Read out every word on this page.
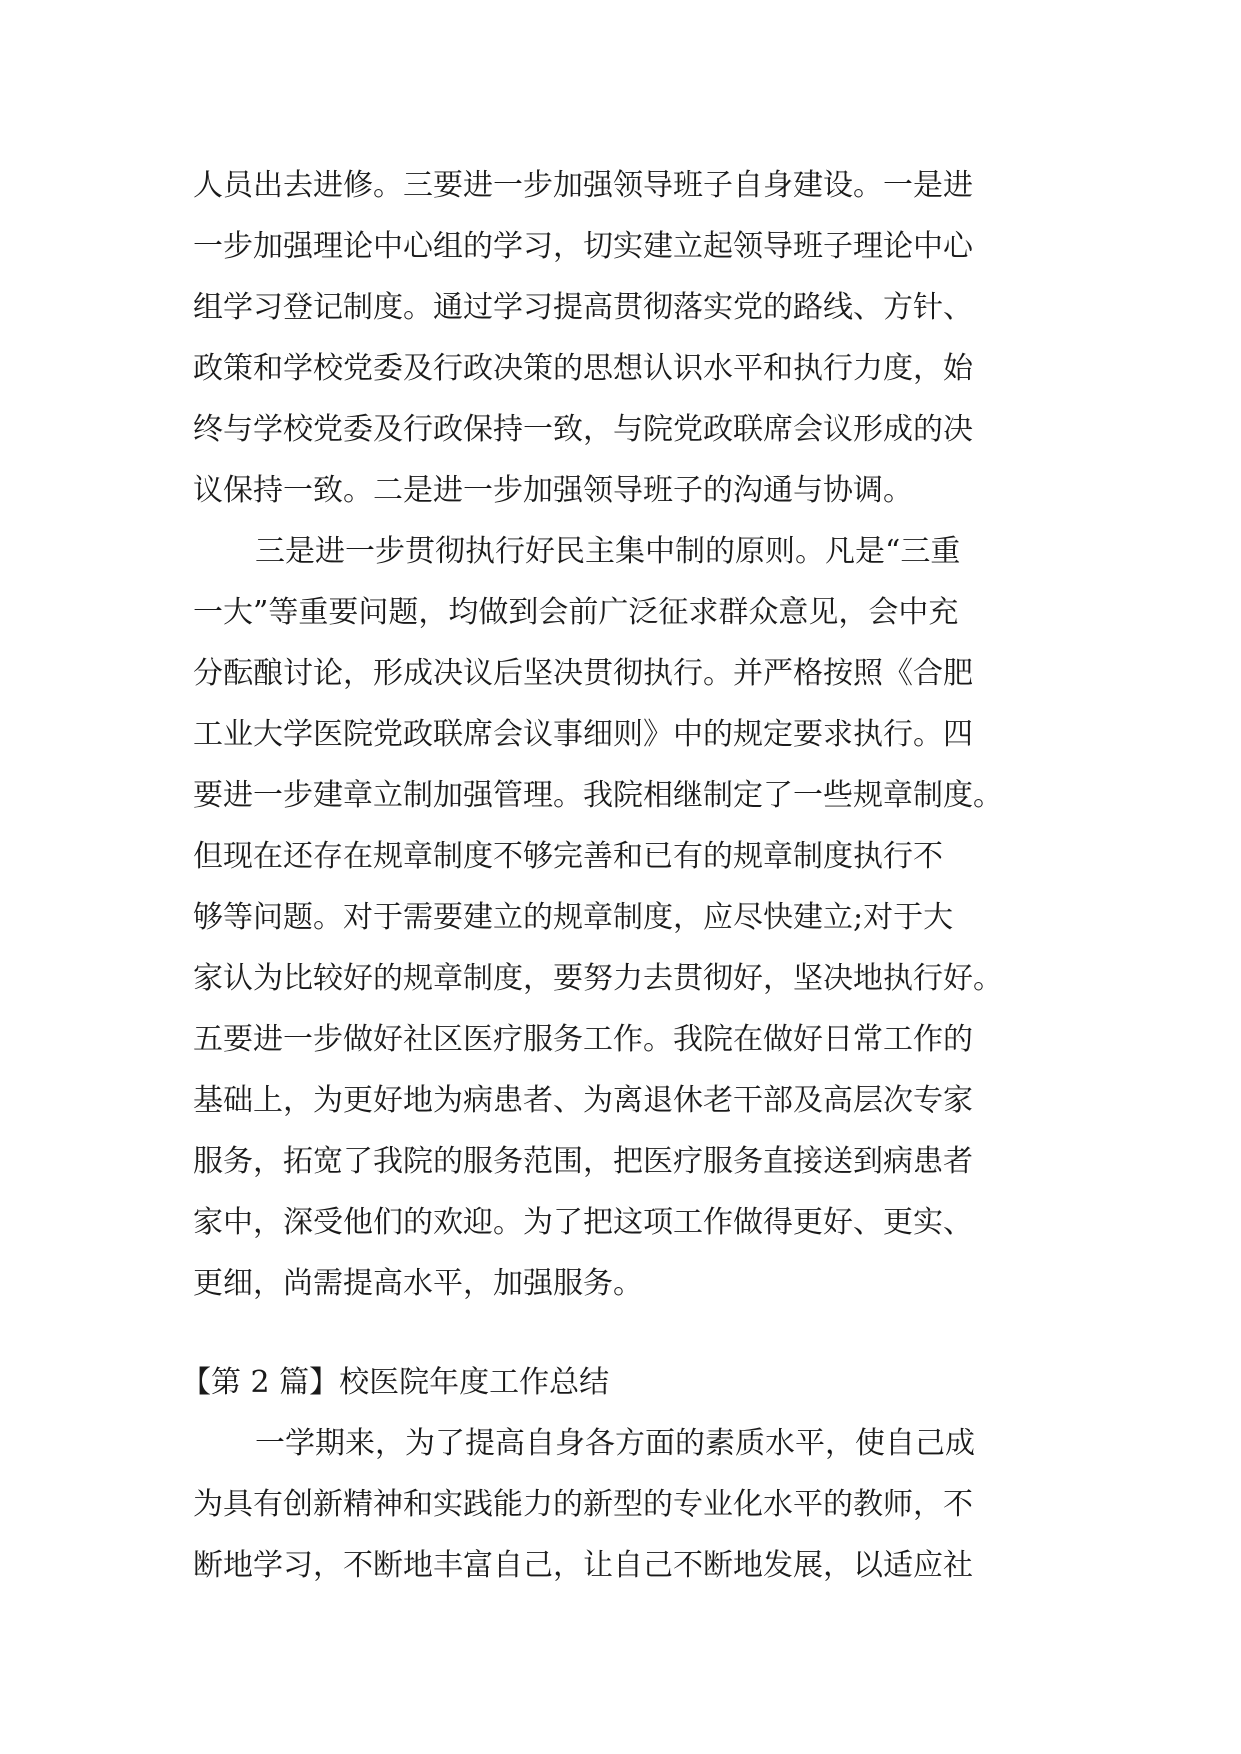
人员出去进修。三要进一步加强领导班子自身建设。一是进
一步加强理论中心组的学习，切实建立起领导班子理论中心
组学习登记制度。通过学习提高贯彻落实党的路线、方针、
政策和学校党委及行政决策的思想认识水平和执行力度，始
终与学校党委及行政保持一致，与院党政联席会议形成的决
议保持一致。二是进一步加强领导班子的沟通与协调。
三是进一步贯彻执行好民主集中制的原则。凡是“三重
一大”等重要问题，均做到会前广泛征求群众意见，会中充
分酝酿讨论，形成决议后坚决贯彻执行。并严格按照《合肥
工业大学医院党政联席会议事细则》中的规定要求执行。四
要进一步建章立制加强管理。我院相继制定了一些规章制度。
但现在还存在规章制度不够完善和已有的规章制度执行不
够等问题。对于需要建立的规章制度，应尽快建立;对于大
家认为比较好的规章制度，要努力去贯彻好，坚决地执行好。
五要进一步做好社区医疗服务工作。我院在做好日常工作的
基础上，为更好地为病患者、为离退休老干部及高层次专家
服务，拓宽了我院的服务范围，把医疗服务直接送到病患者
家中，深受他们的欢迎。为了把这项工作做得更好、更实、
更细，尚需提高水平，加强服务。
【第 2 篇】校医院年度工作总结
一学期来，为了提高自身各方面的素质水平，使自己成
为具有创新精神和实践能力的新型的专业化水平的教师，不
断地学习，不断地丰富自己，让自己不断地发展，以适应社
